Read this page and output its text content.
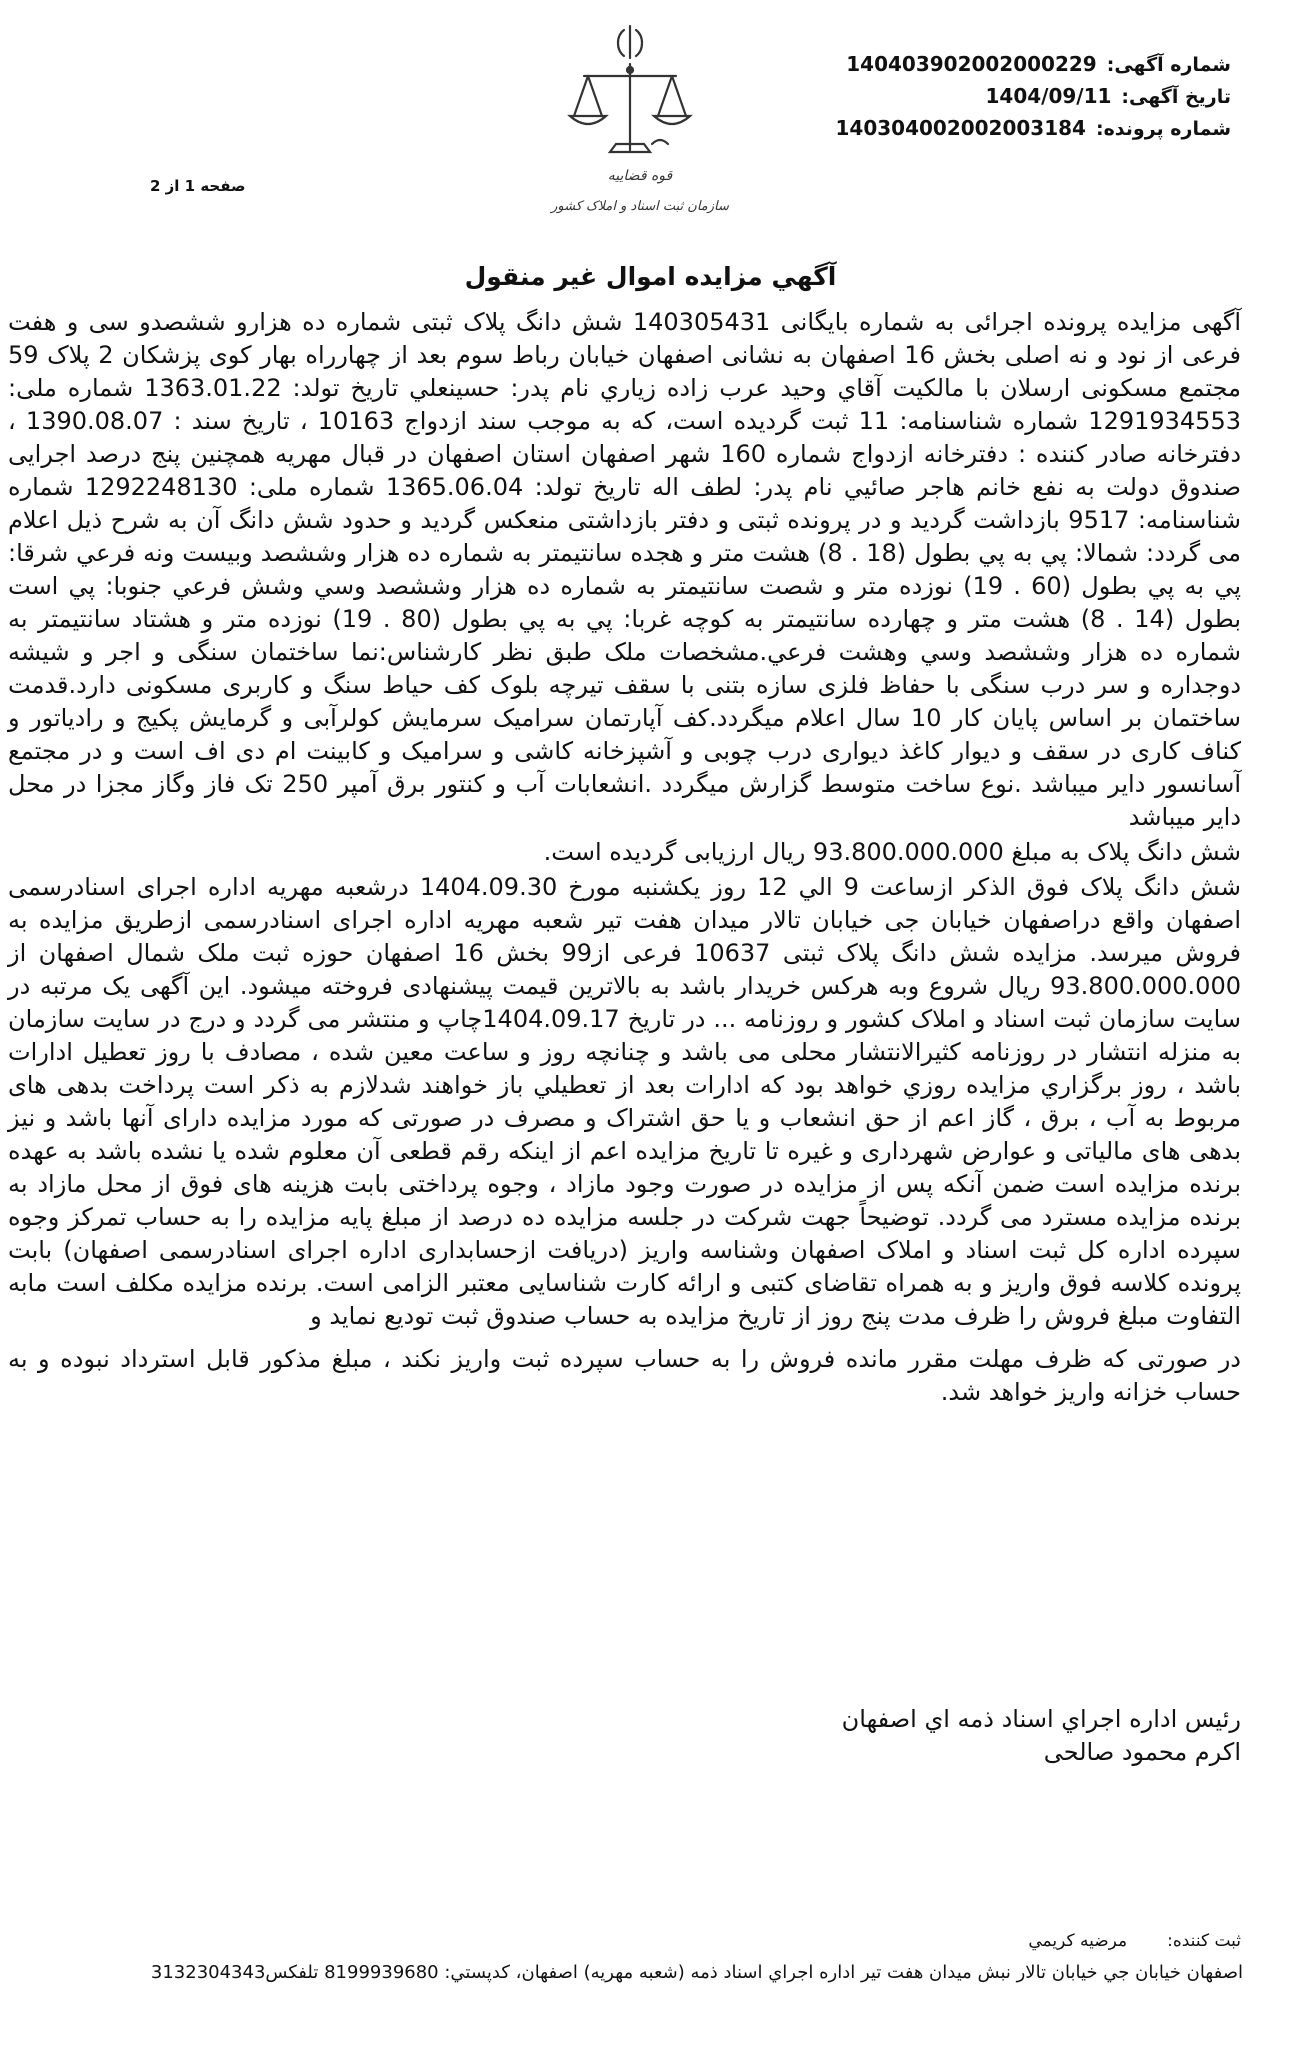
شماره آگهی:
140403902002000229
تاریخ آگهی:
1404/09/11
شماره پرونده:
140304002002003184
صفحه 1 از 2
قوه قضاییه
سازمان ثبت اسناد و املاک کشور
آگهي مزايده اموال غير منقول

آگهی مزایده پرونده اجرائی به شماره بایگانی 140305431 شش دانگ پلاک ثبتی شماره ده هزارو ششصدو سی و هفت فرعی از نود و نه اصلی بخش 16 اصفهان به نشانی اصفهان خیابان رباط سوم بعد از چهارراه بهار کوی پزشکان 2 پلاک 59 مجتمع مسکونی ارسلان با مالکیت آقاي وحيد عرب زاده زياري نام پدر: حسينعلي تاريخ تولد: 1363.01.22 شماره ملی: 1291934553 شماره شناسنامه: 11 ثبت گرديده است، که به موجب سند ازدواج 10163 ، تاریخ سند : 1390.08.07 ، دفترخانه صادر کننده : دفترخانه ازدواج شماره 160 شهر اصفهان استان اصفهان در قبال مهریه همچنین پنج درصد اجرایی صندوق دولت به نفع خانم هاجر صائيي نام پدر: لطف اله تاريخ تولد: 1365.06.04 شماره ملی: 1292248130 شماره شناسنامه: 9517 بازداشت گردید و در پرونده ثبتی و دفتر بازداشتی منعکس گردید و حدود شش دانگ آن به شرح ذیل اعلام می گردد: شمالا: پي به پي بطول (18 . 8) هشت متر و هجده سانتيمتر به شماره ده هزار وششصد وبيست ونه فرعي شرقا: پي به پي بطول (60 . 19) نوزده متر و شصت سانتيمتر به شماره ده هزار وششصد وسي وشش فرعي جنوبا: پي است بطول (14 . 8) هشت متر و چهارده سانتيمتر به کوچه غربا: پي به پي بطول (80 . 19) نوزده متر و هشتاد سانتيمتر به شماره ده هزار وششصد وسي وهشت فرعي.مشخصات ملک طبق نظر کارشناس:نما ساختمان سنگی و اجر و شیشه دوجداره و سر درب سنگی با حفاظ فلزی سازه بتنی با سقف تیرچه بلوک کف حیاط سنگ و کاربری مسکونی دارد.قدمت ساختمان بر اساس پایان کار 10 سال اعلام میگردد.کف آپارتمان سرامیک سرمایش کولرآبی و گرمایش پکیج و رادیاتور و کناف کاری در سقف و دیوار کاغذ دیواری درب چوبی و آشپزخانه کاشی و سرامیک و کابینت ام دی اف است و در مجتمع آسانسور دایر میباشد .نوع ساخت متوسط گزارش میگردد .انشعابات آب و کنتور برق آمپر 250 تک فاز وگاز مجزا در محل دایر میباشد

شش دانگ پلاک به مبلغ 93.800.000.000 ریال ارزیابی گردیده است.

شش دانگ پلاک فوق الذکر ازساعت 9 الي 12 روز يکشنبه مورخ 1404.09.30 درشعبه مهریه اداره اجرای اسنادرسمی اصفهان واقع دراصفهان خیابان جی خیابان تالار میدان هفت تیر شعبه مهریه اداره اجرای اسنادرسمی ازطریق مزایده به فروش میرسد. مزایده شش دانگ پلاک ثبتی 10637 فرعی از99 بخش 16 اصفهان حوزه ثبت ملک شمال اصفهان از 93.800.000.000 ریال شروع وبه هرکس خریدار باشد به بالاترین قیمت پیشنهادی فروخته میشود. این آگهی یک مرتبه در سایت سازمان ثبت اسناد و املاک کشور و روزنامه ... در تاریخ 1404.09.17چاپ و منتشر می گردد و درج در سایت سازمان به منزله انتشار در روزنامه کثیرالانتشار محلی می باشد و چنانچه روز و ساعت معین شده ، مصادف با روز تعطیل ادارات باشد ، روز برگزاري مزايده روزي خواهد بود که ادارات بعد از تعطيلي باز خواهند شدلازم به ذکر است پرداخت بدهی های مربوط به آب ، برق ، گاز اعم از حق انشعاب و یا حق اشتراک و مصرف در صورتی که مورد مزایده دارای آنها باشد و نیز بدهی های مالیاتی و عوارض شهرداری و غیره تا تاریخ مزایده اعم از اینکه رقم قطعی آن معلوم شده یا نشده باشد به عهده برنده مزایده است ضمن آنکه پس از مزایده در صورت وجود مازاد ، وجوه پرداختی بابت هزینه های فوق از محل مازاد به برنده مزایده مسترد می گردد. توضیحاً جهت شرکت در جلسه مزایده ده درصد از مبلغ پایه مزایده را به حساب تمرکز وجوه سپرده اداره کل ثبت اسناد و املاک اصفهان وشناسه واریز (دریافت ازحسابداری اداره اجرای اسنادرسمی اصفهان) بابت پرونده کلاسه فوق واریز و به همراه تقاضای کتبی و ارائه کارت شناسایی معتبر الزامی است. برنده مزایده مکلف است مابه التفاوت مبلغ فروش را ظرف مدت پنج روز از تاریخ مزایده به حساب صندوق ثبت تودیع نماید و

در صورتی که ظرف مهلت مقرر مانده فروش را به حساب سپرده ثبت واریز نکند ، مبلغ مذکور قابل استرداد نبوده و به حساب خزانه واریز خواهد شد.

رئيس اداره اجراي اسناد ذمه اي اصفهان
اکرم محمود صالحی
ثبت کننده:
مرضيه کريمي
اصفهان خيابان جي خيابان تالار نبش ميدان هفت تير اداره اجراي اسناد ذمه (شعبه مهريه) اصفهان، کدپستي: 8199939680 تلفكس3132304343
